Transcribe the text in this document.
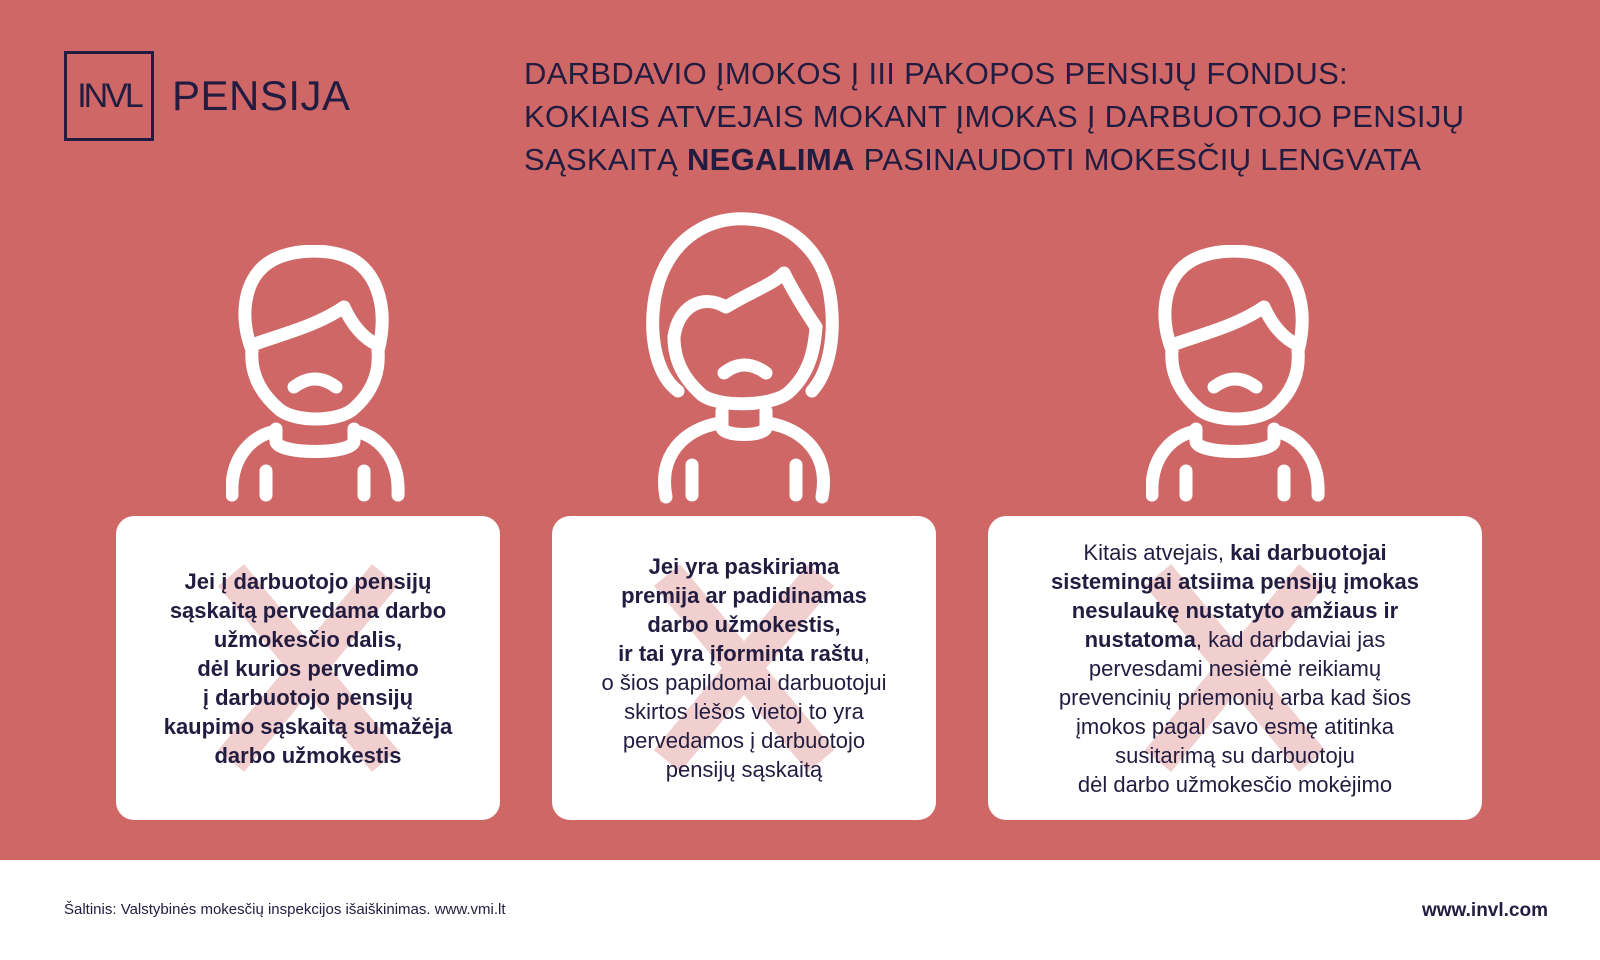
INVL PENSIJA	DARBDAVIO ĮMOKOS Į III PAKOPOS PENSIJŲ FONDUS:
KOKIAIS ATVEJAIS MOKANT ĮMOKAS Į DARBUOTOJO PENSIJŲ
SĄSKAITĄ NEGALIMA PASINAUDOTI MOKESČIŲ LENGVATA
Jei į darbuotojo pensijų
sąskaitą pervedama darbo
užmokesčio dalis,
dėl kurios pervedimo
į darbuotojo pensijų
kaupimo sąskaitą sumažėja
darbo užmokestis
Jei yra paskiriama
premija ar padidinamas
darbo užmokestis,
ir tai yra įforminta raštu,
o šios papildomai darbuotojui
skirtos lėšos vietoj to yra
pervedamos į darbuotojo
pensijų sąskaitą
Kitais atvejais, kai darbuotojai
sistemingai atsiima pensijų įmokas
nesulaukę nustatyto amžiaus ir
nustatoma, kad darbdaviai jas
pervesdami nesiėmė reikiamų
prevencinių priemonių arba kad šios
įmokos pagal savo esmę atitinka
susitarimą su darbuotoju
dėl darbo užmokesčio mokėjimo
Šaltinis: Valstybinės mokesčių inspekcijos išaiškinimas. www.vmi.lt	www.invl.com
